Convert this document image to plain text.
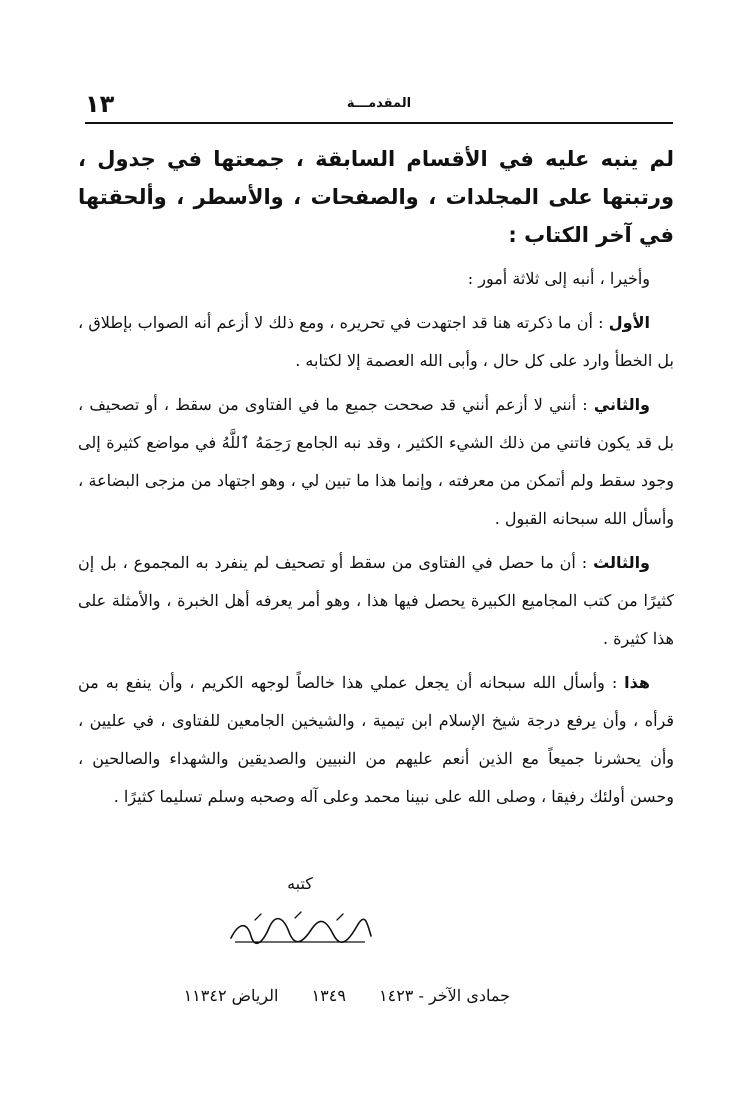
١٣	المقدمـــة

لم ينبه عليه في الأقسام السابقة ، جمعتها في جدول ، ورتبتها على المجلدات ، والصفحات ، والأسطر ، وألحقتها في آخر الكتاب :

وأخيرا ، أنبه إلى ثلاثة أمور :

الأول : أن ما ذكرته هنا قد اجتهدت في تحريره ، ومع ذلك لا أزعم أنه الصواب بإطلاق ، بل الخطأ وارد على كل حال ، وأبى الله العصمة إلا لكتابه .

والثاني : أنني لا أزعم أنني قد صححت جميع ما في الفتاوى من سقط ، أو تصحيف ، بل قد يكون فاتني من ذلك الشيء الكثير ، وقد نبه الجامع رَحِمَهُ ٱللَّهُ في مواضع كثيرة إلى وجود سقط ولم أتمكن من معرفته ، وإنما هذا ما تبين لي ، وهو اجتهاد من مزجى البضاعة ، وأسأل الله سبحانه القبول .

والثالث : أن ما حصل في الفتاوى من سقط أو تصحيف لم ينفرد به المجموع ، بل إن كثيرًا من كتب المجاميع الكبيرة يحصل فيها هذا ، وهو أمر يعرفه أهل الخبرة ، والأمثلة على هذا كثيرة .

هذا : وأسأل الله سبحانه أن يجعل عملي هذا خالصاً لوجهه الكريم ، وأن ينفع به من قرأه ، وأن يرفع درجة شيخ الإسلام ابن تيمية ، والشيخين الجامعين للفتاوى ، في عليين ، وأن يحشرنا جميعاً مع الذين أنعم عليهم من النبيين والصديقين والشهداء والصالحين ، وحسن أولئك رفيقا ، وصلى الله على نبينا محمد وعلى آله وصحبه وسلم تسليما كثيرًا .

كتبه
جمادى الآخر - ١٤٢٣ ١٣٤٩ الرياض ١١٣٤٢
